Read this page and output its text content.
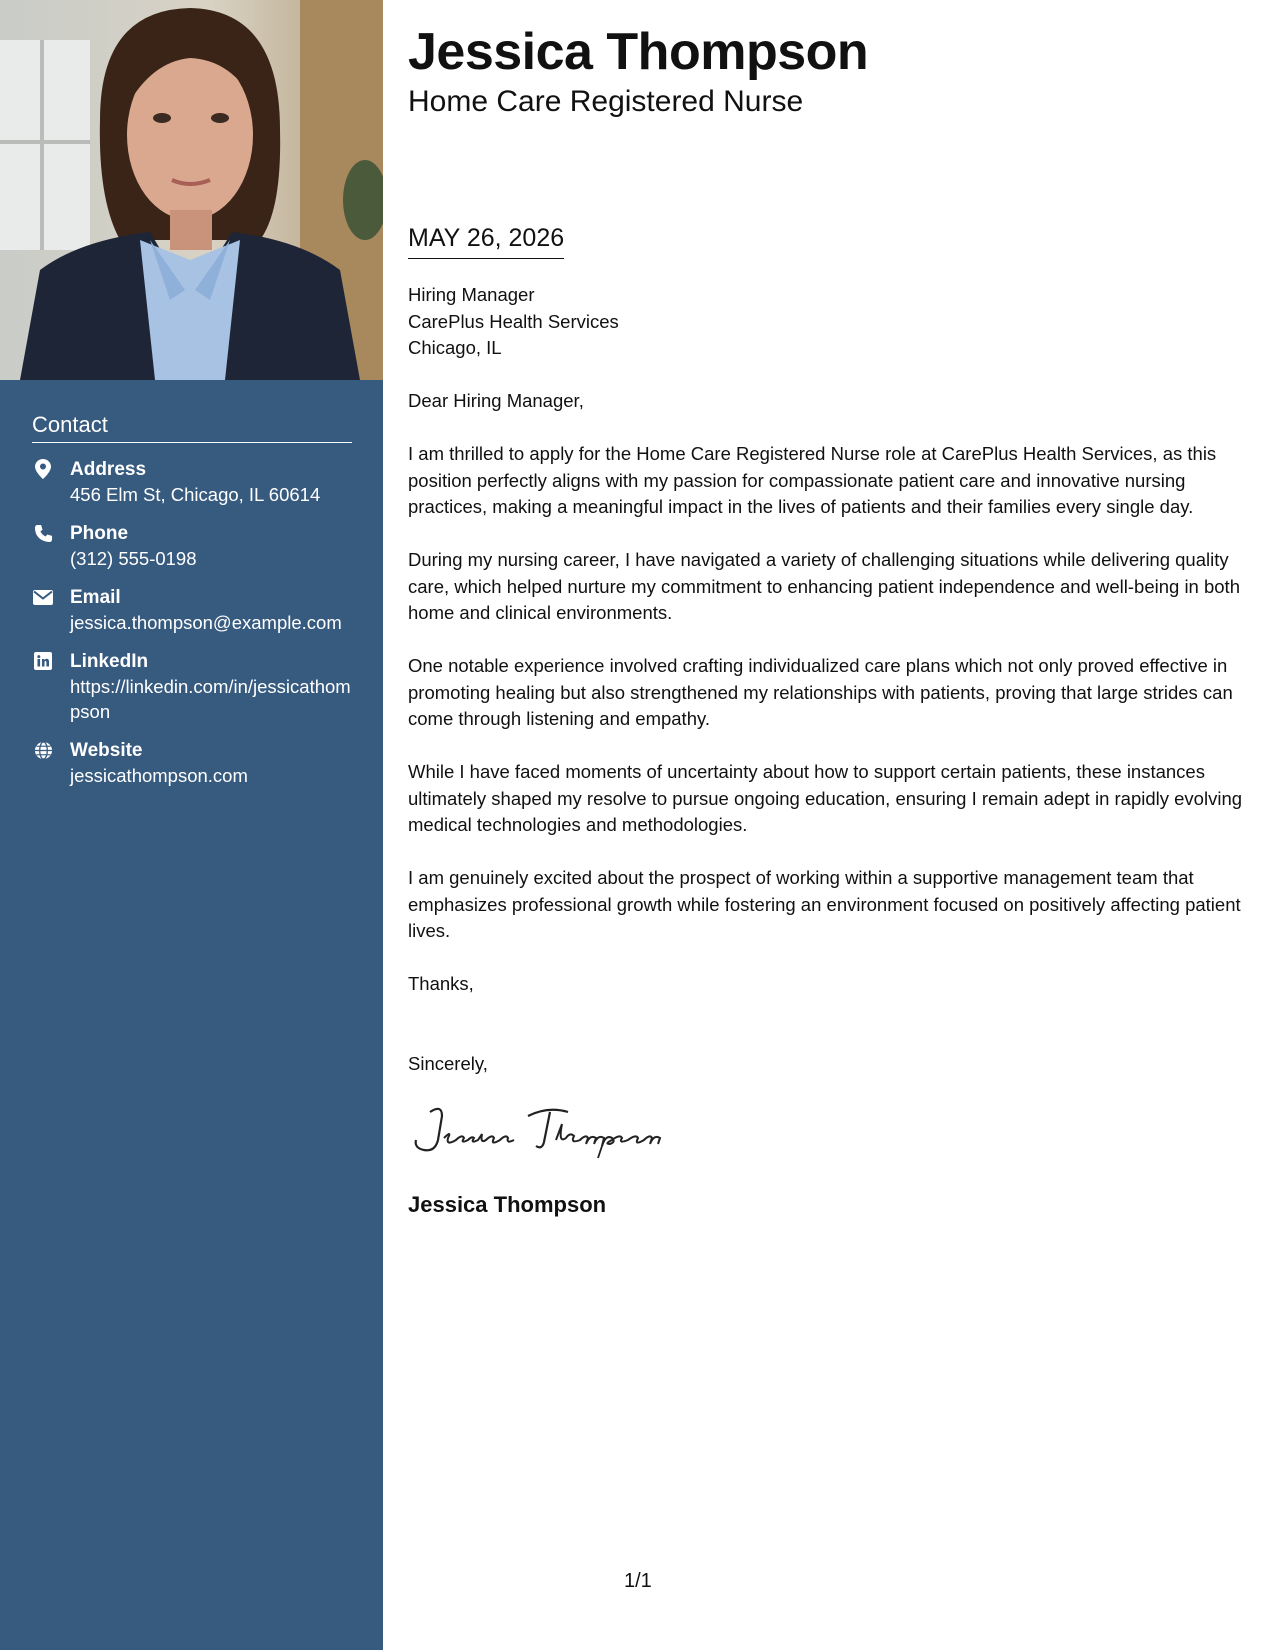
Contact
Address
456 Elm St, Chicago, IL 60614
Phone
(312) 555-0198
Email
jessica.thompson@example.com
LinkedIn
https://linkedin.com/in/jessicathompson
Website
jessicathompson.com
Jessica Thompson
Home Care Registered Nurse
MAY 26, 2026

Hiring Manager

CarePlus Health Services

Chicago, IL

Dear Hiring Manager,

I am thrilled to apply for the Home Care Registered Nurse role at CarePlus Health Services, as this position perfectly aligns with my passion for compassionate patient care and innovative nursing practices, making a meaningful impact in the lives of patients and their families every single day.

During my nursing career, I have navigated a variety of challenging situations while delivering quality care, which helped nurture my commitment to enhancing patient independence and well-being in both home and clinical environments.

One notable experience involved crafting individualized care plans which not only proved effective in promoting healing but also strengthened my relationships with patients, proving that large strides can come through listening and empathy.

While I have faced moments of uncertainty about how to support certain patients, these instances ultimately shaped my resolve to pursue ongoing education, ensuring I remain adept in rapidly evolving medical technologies and methodologies.

I am genuinely excited about the prospect of working within a supportive management team that emphasizes professional growth while fostering an environment focused on positively affecting patient lives.

Thanks,

Sincerely,

Jessica Thompson
1/1
